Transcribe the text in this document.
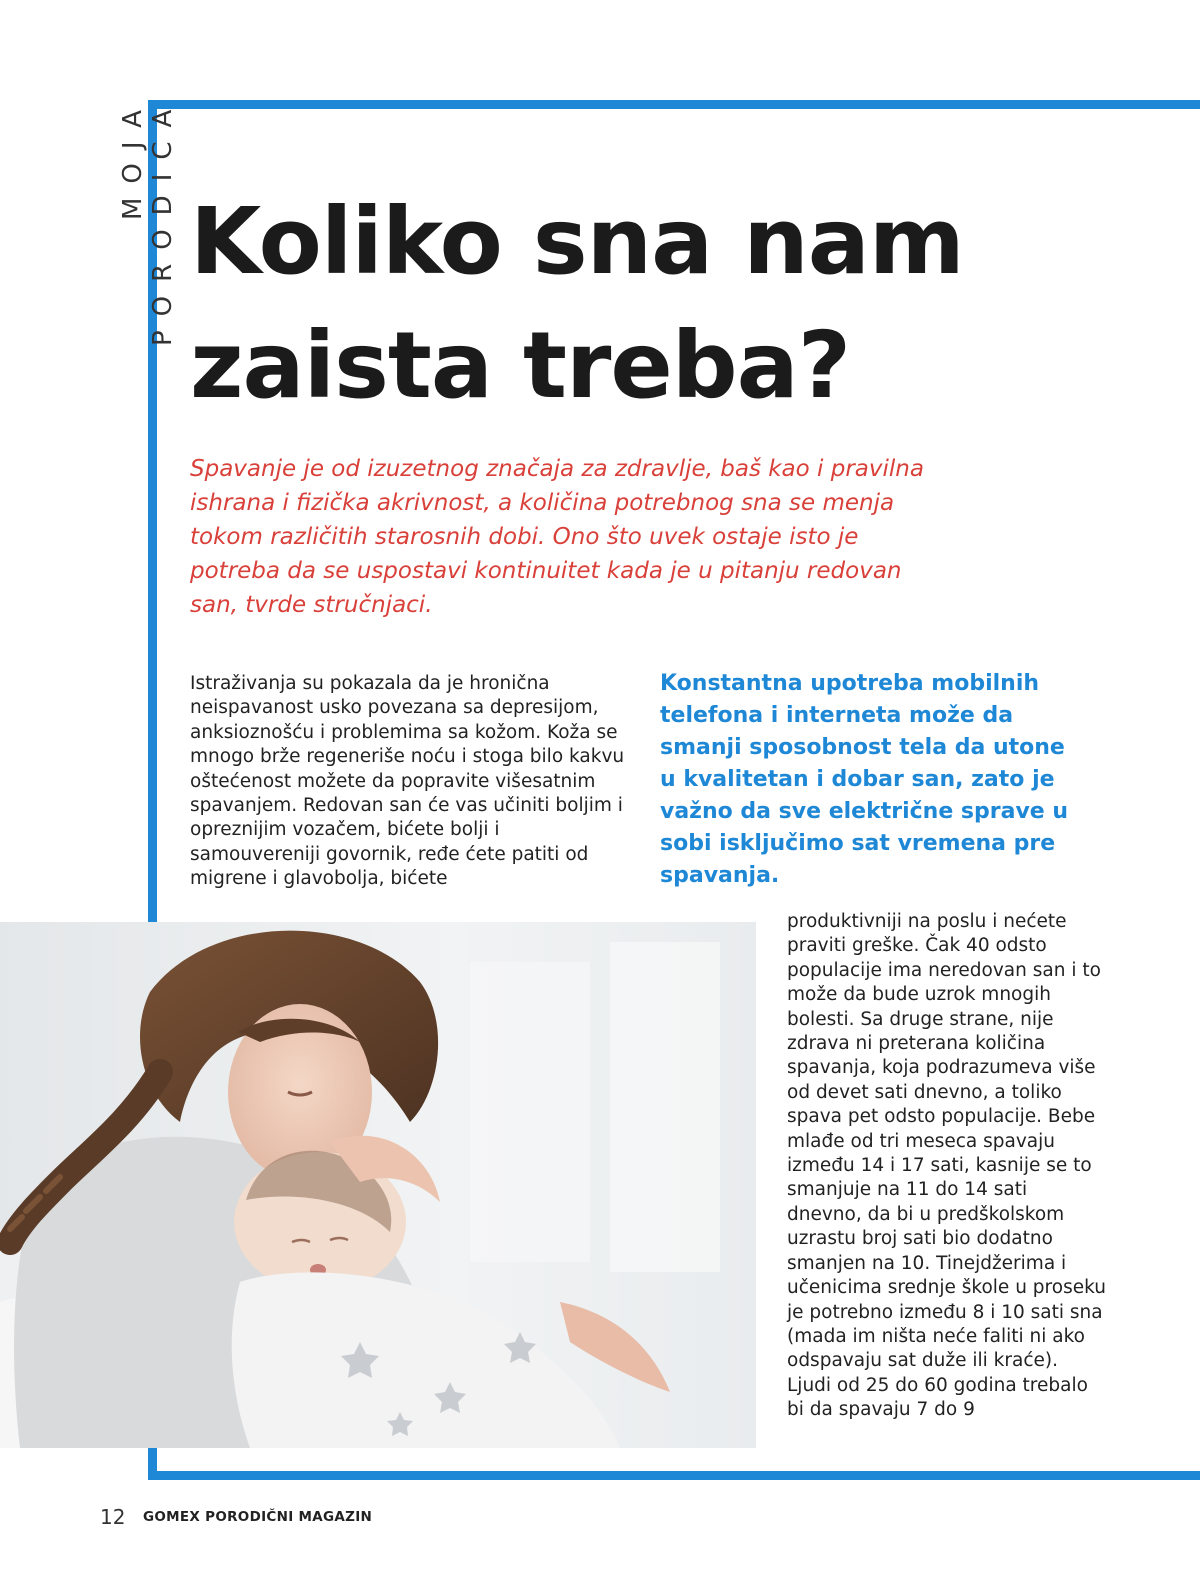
MOJA PORODICA Koliko sna nam zaista treba?
Spavanje je od izuzetnog značaja za zdravlje, baš kao i pravilna ishrana i fizička akrivnost, a količina potrebnog sna se menja tokom različitih starosnih dobi. Ono što uvek ostaje isto je potreba da se uspostavi kontinuitet kada je u pitanju redovan san, tvrde stručnjaci.
Istraživanja su pokazala da je hronična neispavanost usko povezana sa depresijom, anksioznošću i problemima sa kožom. Koža se mnogo brže regeneriše noću i stoga bilo kakvu oštećenost možete da popravite višesatnim spavanjem. Redovan san će vas učiniti boljim i opreznijim vozačem, bićete bolji i samouvereniji govornik, ređe ćete patiti od migrene i glavobolja, bićete
Konstantna upotreba mobilnih telefona i interneta može da smanji sposobnost tela da utone u kvalitetan i dobar san, zato je važno da sve električne sprave u sobi isključimo sat vremena pre spavanja.
produktivniji na poslu i nećete praviti greške. Čak 40 odsto populacije ima neredovan san i to može da bude uzrok mnogih bolesti. Sa druge strane, nije zdrava ni preterana količina spavanja, koja podrazumeva više od devet sati dnevno, a toliko spava pet odsto populacije. Bebe mlađe od tri meseca spavaju između 14 i 17 sati, kasnije se to smanjuje na 11 do 14 sati dnevno, da bi u predškolskom uzrastu broj sati bio dodatno smanjen na 10. Tinejdžerima i učenicima srednje škole u proseku je potrebno između 8 i 10 sati sna (mada im ništa neće faliti ni ako odspavaju sat duže ili kraće). Ljudi od 25 do 60 godina trebalo bi da spavaju 7 do 9
12 GOMEX PORODIČNI MAGAZIN
